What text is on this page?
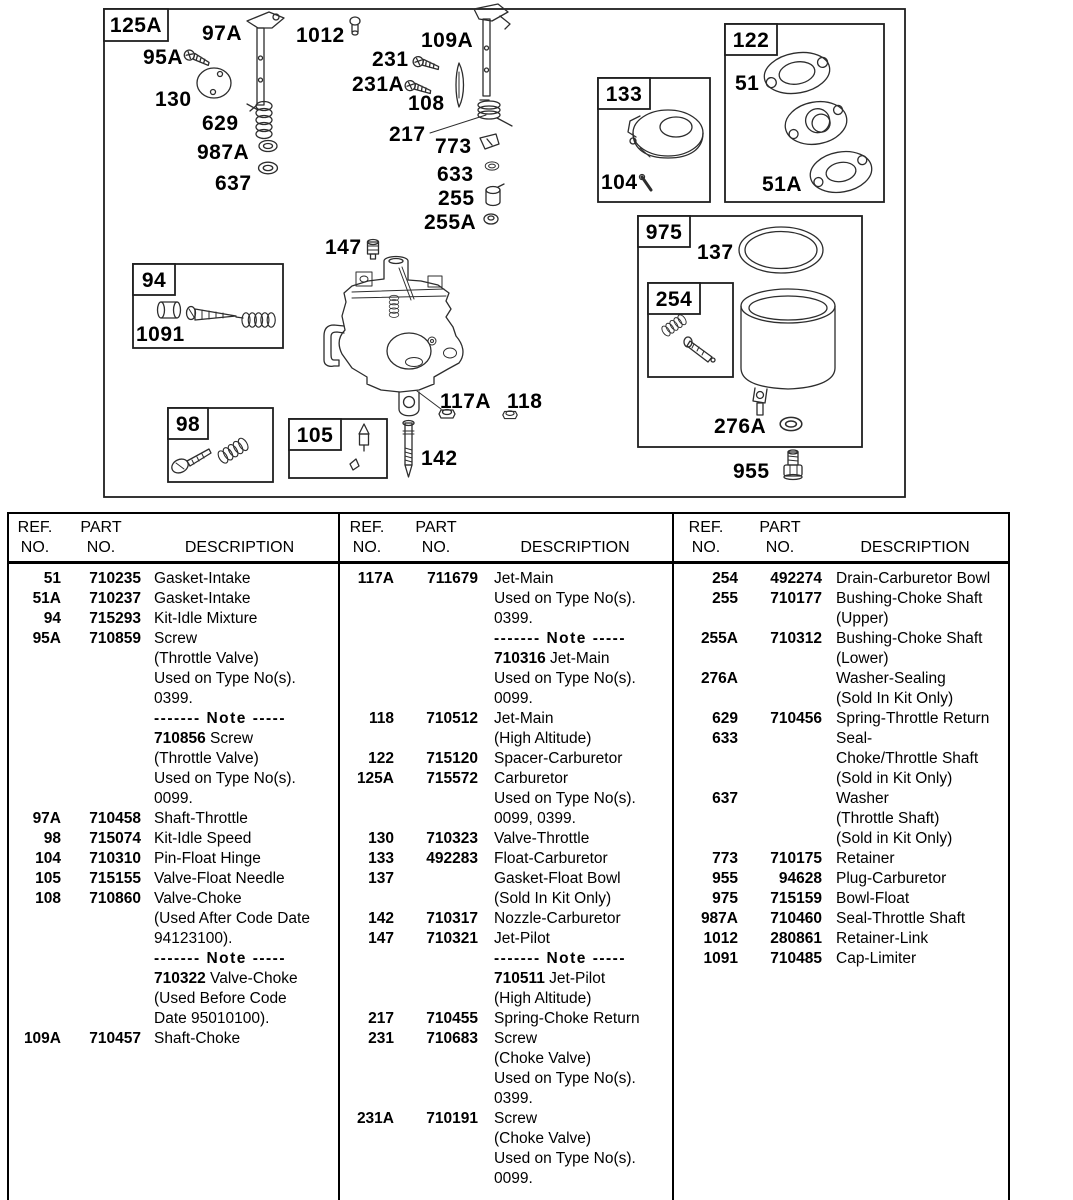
125A
94
98	105
133
122
975
254
97A	1012	109A
95A	231
231A
130	108
629	217
987A	773
637	633
255
255A
147
1091
117A 118
142
51
104	51A
137
276A
955
REF.
NO.
PART
NO.	DESCRIPTION
51	710235 Gasket-Intake
51A	710237 Gasket-Intake
94	715293 Kit-Idle Mixture
95A	710859 Screw
(Throttle Valve)
Used on Type No(s).
0399.
------- Note -----
710856 Screw
(Throttle Valve)
Used on Type No(s).
0099.
97A	710458 Shaft-Throttle
98	715074 Kit-Idle Speed
104	710310 Pin-Float Hinge
105	715155 Valve-Float Needle
108	710860 Valve-Choke
(Used After Code Date
94123100).
------- Note -----
710322 Valve-Choke
(Used Before Code
Date 95010100).
109A	710457 Shaft-Choke
REF.
NO.
PART
NO.	DESCRIPTION
117A	711679 Jet-Main
Used on Type No(s).
0399.
------- Note -----
710316 Jet-Main
Used on Type No(s).
0099.
118	710512 Jet-Main
(High Altitude)
122	715120 Spacer-Carburetor
125A	715572 Carburetor
Used on Type No(s).
0099, 0399.
130	710323 Valve-Throttle
133	492283 Float-Carburetor
137	Gasket-Float Bowl
(Sold In Kit Only)
142	710317 Nozzle-Carburetor
147	710321 Jet-Pilot
------- Note -----
710511 Jet-Pilot
(High Altitude)
217	710455 Spring-Choke Return
231	710683 Screw
(Choke Valve)
Used on Type No(s).
0399.
231A	710191 Screw
(Choke Valve)
Used on Type No(s).
0099.
REF.
NO.
PART
NO.	DESCRIPTION
254	492274 Drain-Carburetor Bowl
255	710177 Bushing-Choke Shaft
(Upper)
255A	710312 Bushing-Choke Shaft
(Lower)
276A	Washer-Sealing
(Sold In Kit Only)
629	710456 Spring-Throttle Return
633	Seal-
Choke/Throttle Shaft
(Sold in Kit Only)
637	Washer
(Throttle Shaft)
(Sold in Kit Only)
773	710175 Retainer
955	94628 Plug-Carburetor
975	715159 Bowl-Float
987A	710460 Seal-Throttle Shaft
1012	280861 Retainer-Link
1091	710485 Cap-Limiter
